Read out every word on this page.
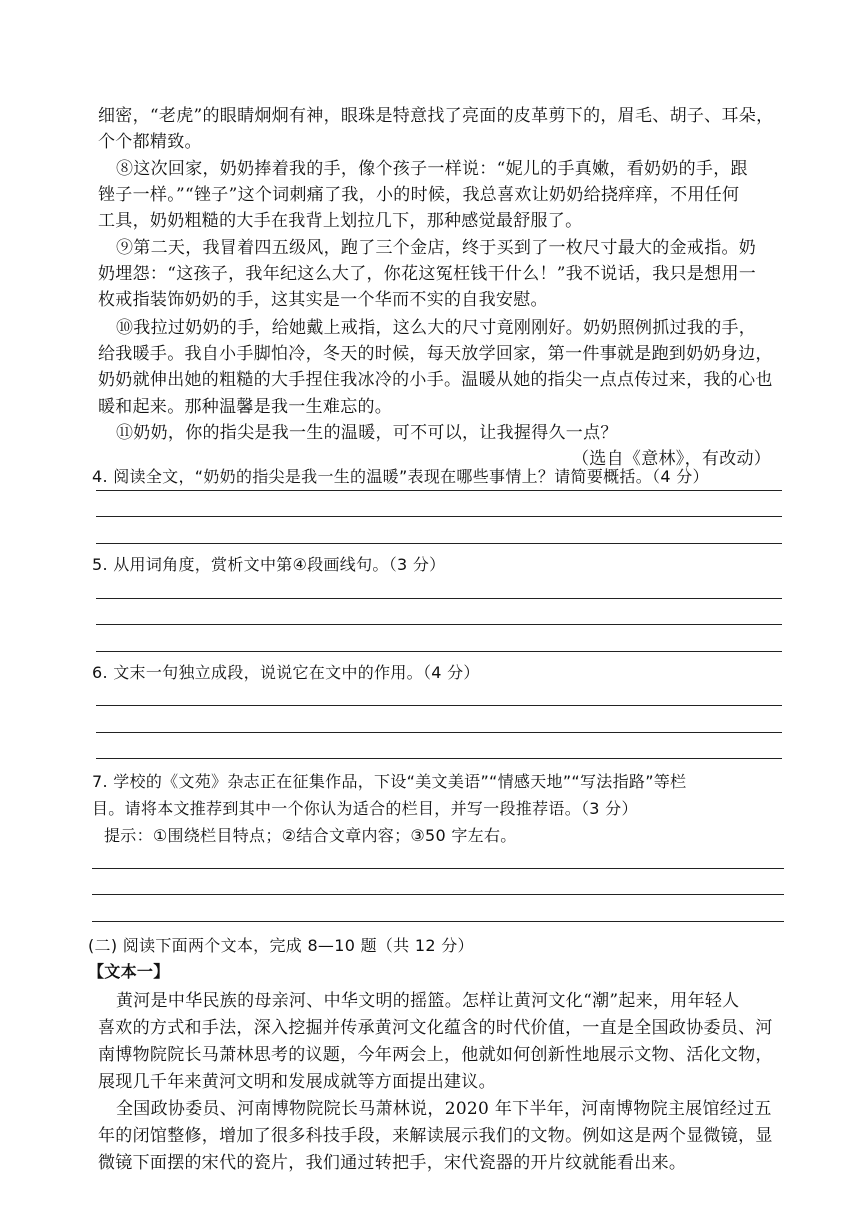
细密，“老虎”的眼睛炯炯有神，眼珠是特意找了亮面的皮革剪下的，眉毛、胡子、耳朵，
个个都精致。
⑧这次回家，奶奶捧着我的手，像个孩子一样说：“妮儿的手真嫩，看奶奶的手，跟
锉子一样。”“锉子”这个词刺痛了我，小的时候，我总喜欢让奶奶给挠痒痒，不用任何
工具，奶奶粗糙的大手在我背上划拉几下，那种感觉最舒服了。
⑨第二天，我冒着四五级风，跑了三个金店，终于买到了一枚尺寸最大的金戒指。奶
奶埋怨：“这孩子，我年纪这么大了，你花这冤枉钱干什么！”我不说话，我只是想用一
枚戒指装饰奶奶的手，这其实是一个华而不实的自我安慰。
⑩我拉过奶奶的手，给她戴上戒指，这么大的尺寸竟刚刚好。奶奶照例抓过我的手，
给我暖手。我自小手脚怕冷，冬天的时候，每天放学回家，第一件事就是跑到奶奶身边，
奶奶就伸出她的粗糙的大手捏住我冰冷的小手。温暖从她的指尖一点点传过来，我的心也
暖和起来。那种温馨是我一生难忘的。
⑪奶奶，你的指尖是我一生的温暖，可不可以，让我握得久一点？
（选自《意林》，有改动）
4. 阅读全文，“奶奶的指尖是我一生的温暖”表现在哪些事情上？请简要概括。（4 分）
5. 从用词角度，赏析文中第④段画线句。（3 分）
6. 文末一句独立成段，说说它在文中的作用。（4 分）
7. 学校的《文苑》杂志正在征集作品，下设“美文美语”“情感天地”“写法指路”等栏
目。请将本文推荐到其中一个你认为适合的栏目，并写一段推荐语。（3 分）
提示：①围绕栏目特点；②结合文章内容；③50 字左右。
(二) 阅读下面两个文本，完成 8—10 题（共 12 分）
【文本一】
黄河是中华民族的母亲河、中华文明的摇篮。怎样让黄河文化“潮”起来，用年轻人
喜欢的方式和手法，深入挖掘并传承黄河文化蕴含的时代价值，一直是全国政协委员、河
南博物院院长马萧林思考的议题，今年两会上，他就如何创新性地展示文物、活化文物，
展现几千年来黄河文明和发展成就等方面提出建议。
全国政协委员、河南博物院院长马萧林说，2020 年下半年，河南博物院主展馆经过五
年的闭馆整修，增加了很多科技手段，来解读展示我们的文物。例如这是两个显微镜，显
微镜下面摆的宋代的瓷片，我们通过转把手，宋代瓷器的开片纹就能看出来。
